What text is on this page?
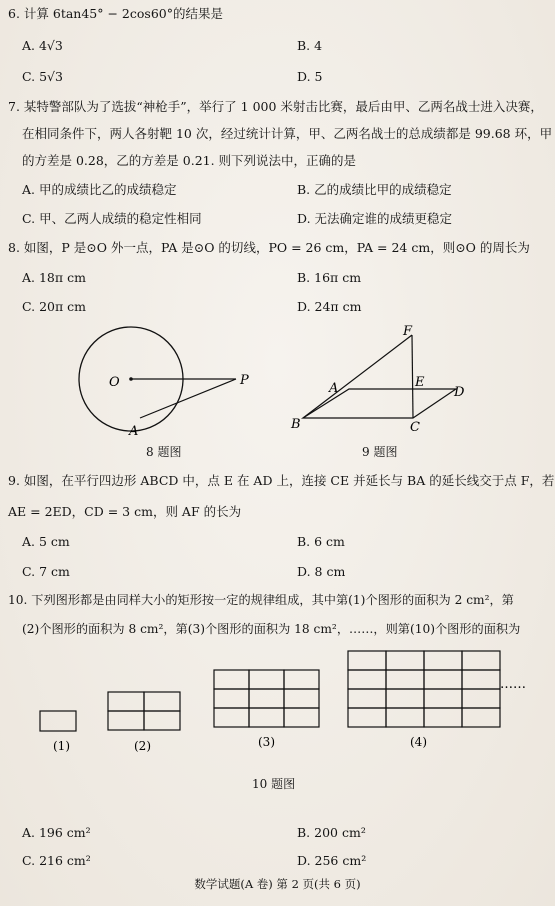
6. 计算 6tan45° − 2cos60°的结果是
A. 4√3	B. 4
C. 5√3	D. 5
7. 某特警部队为了选拔“神枪手”，举行了 1 000 米射击比赛，最后由甲、乙两名战士进入决赛，
在相同条件下，两人各射靶 10 次，经过统计计算，甲、乙两名战士的总成绩都是 99.68 环，甲
的方差是 0.28，乙的方差是 0.21. 则下列说法中，正确的是
A. 甲的成绩比乙的成绩稳定	B. 乙的成绩比甲的成绩稳定
C. 甲、乙两人成绩的稳定性相同	D. 无法确定谁的成绩更稳定
8. 如图，P 是⊙O 外一点，PA 是⊙O 的切线，PO = 26 cm，PA = 24 cm，则⊙O 的周长为
A. 18π cm	B. 16π cm
C. 20π cm	D. 24π cm
O	P
A
8 题图
F
A	E
D
B	C
9 题图
9. 如图，在平行四边形 ABCD 中，点 E 在 AD 上，连接 CE 并延长与 BA 的延长线交于点 F，若
AE = 2ED，CD = 3 cm，则 AF 的长为
A. 5 cm	B. 6 cm
C. 7 cm	D. 8 cm
10. 下列图形都是由同样大小的矩形按一定的规律组成，其中第(1)个图形的面积为 2 cm²，第
(2)个图形的面积为 8 cm²，第(3)个图形的面积为 18 cm²，……，则第(10)个图形的面积为
(1)	(2)	(3)	(4)
……
10 题图
A. 196 cm²	B. 200 cm²
C. 216 cm²	D. 256 cm²
数学试题(A 卷) 第 2 页(共 6 页)
